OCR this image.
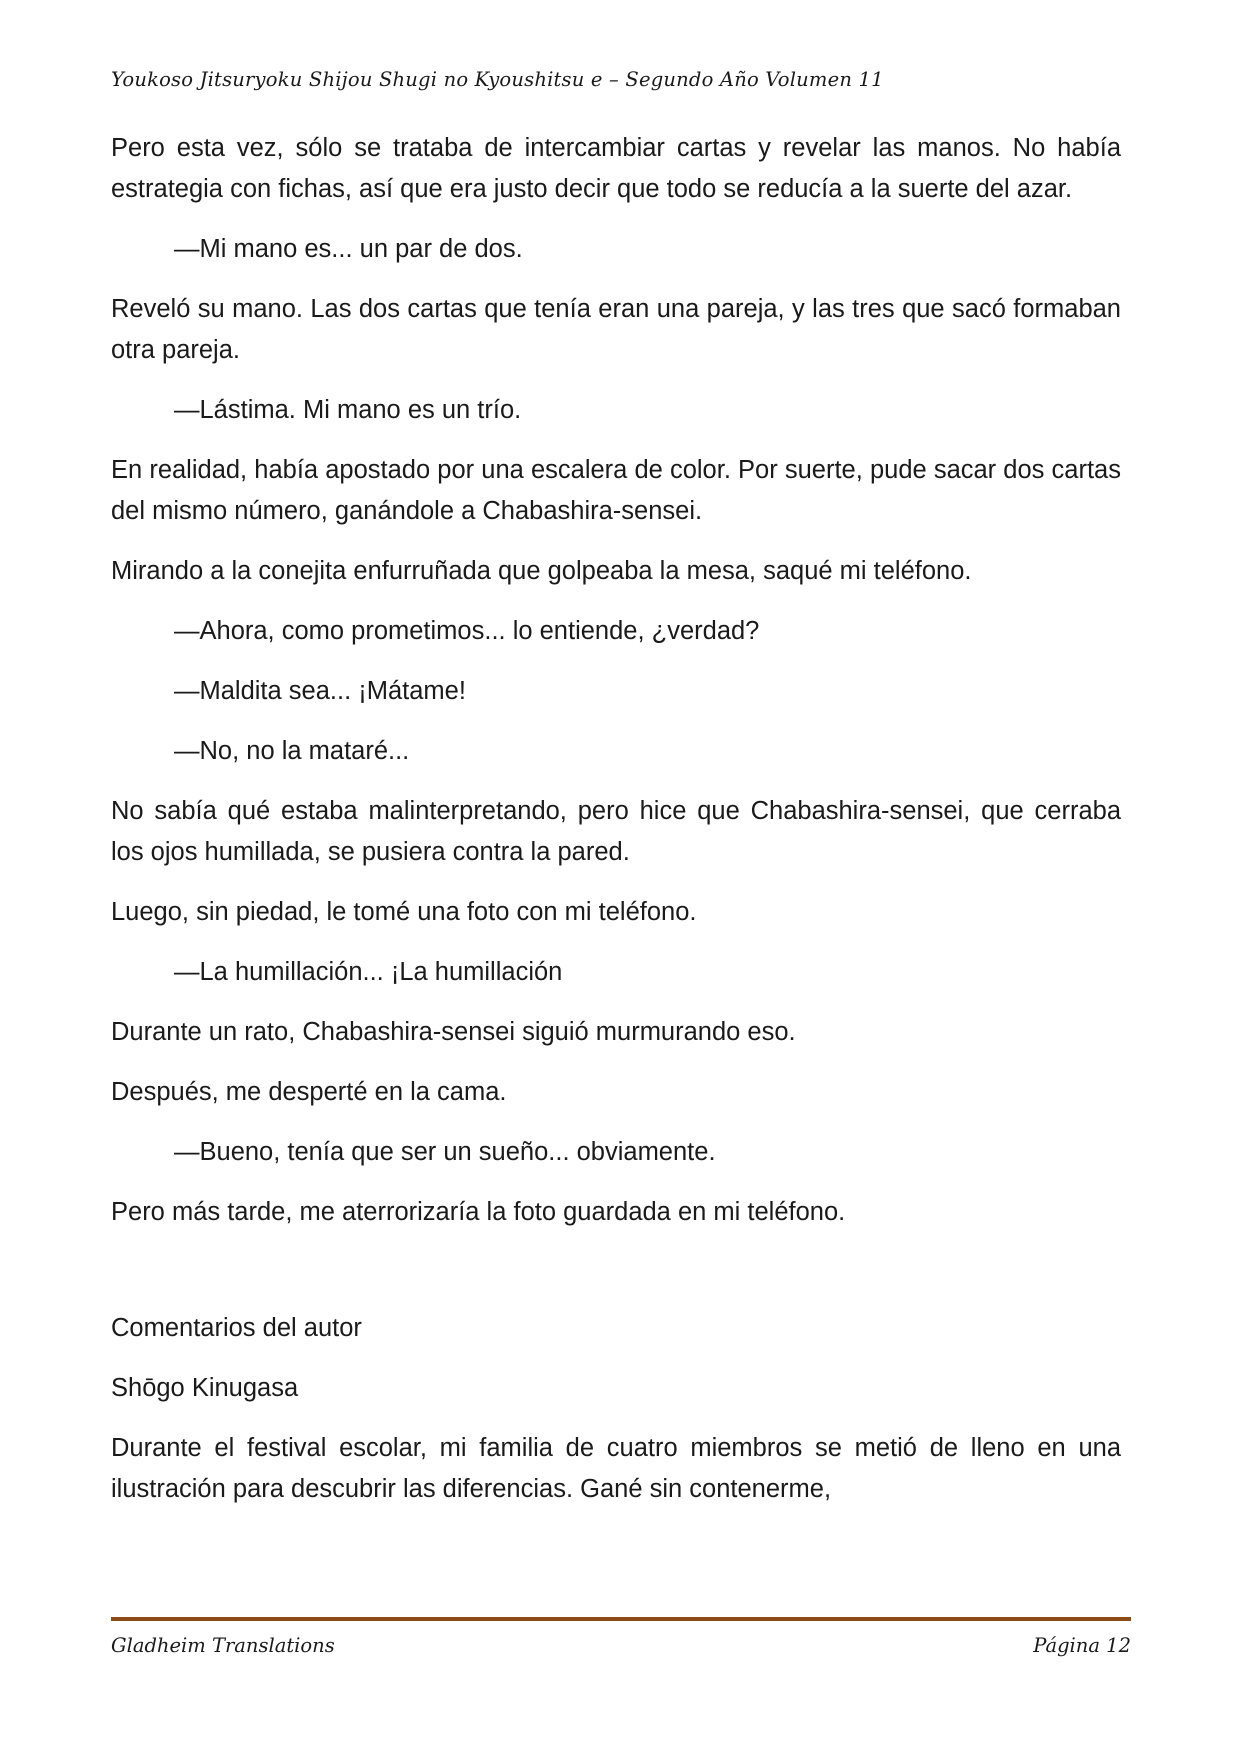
Youkoso Jitsuryoku Shijou Shugi no Kyoushitsu e – Segundo Año Volumen 11

Pero esta vez, sólo se trataba de intercambiar cartas y revelar las manos. No había estrategia con fichas, así que era justo decir que todo se reducía a la suerte del azar.

—Mi mano es... un par de dos.

Reveló su mano. Las dos cartas que tenía eran una pareja, y las tres que sacó formaban otra pareja.

—Lástima. Mi mano es un trío.

En realidad, había apostado por una escalera de color. Por suerte, pude sacar dos cartas del mismo número, ganándole a Chabashira-sensei.

Mirando a la conejita enfurruñada que golpeaba la mesa, saqué mi teléfono.

—Ahora, como prometimos... lo entiende, ¿verdad?

—Maldita sea... ¡Mátame!

—No, no la mataré...

No sabía qué estaba malinterpretando, pero hice que Chabashira-sensei, que cerraba los ojos humillada, se pusiera contra la pared.

Luego, sin piedad, le tomé una foto con mi teléfono.

—La humillación... ¡La humillación

Durante un rato, Chabashira-sensei siguió murmurando eso.

Después, me desperté en la cama.

—Bueno, tenía que ser un sueño... obviamente.

Pero más tarde, me aterrorizaría la foto guardada en mi teléfono.

Comentarios del autor

Shōgo Kinugasa

Durante el festival escolar, mi familia de cuatro miembros se metió de lleno en una ilustración para descubrir las diferencias. Gané sin contenerme,

Gladheim Translations	Página 12
